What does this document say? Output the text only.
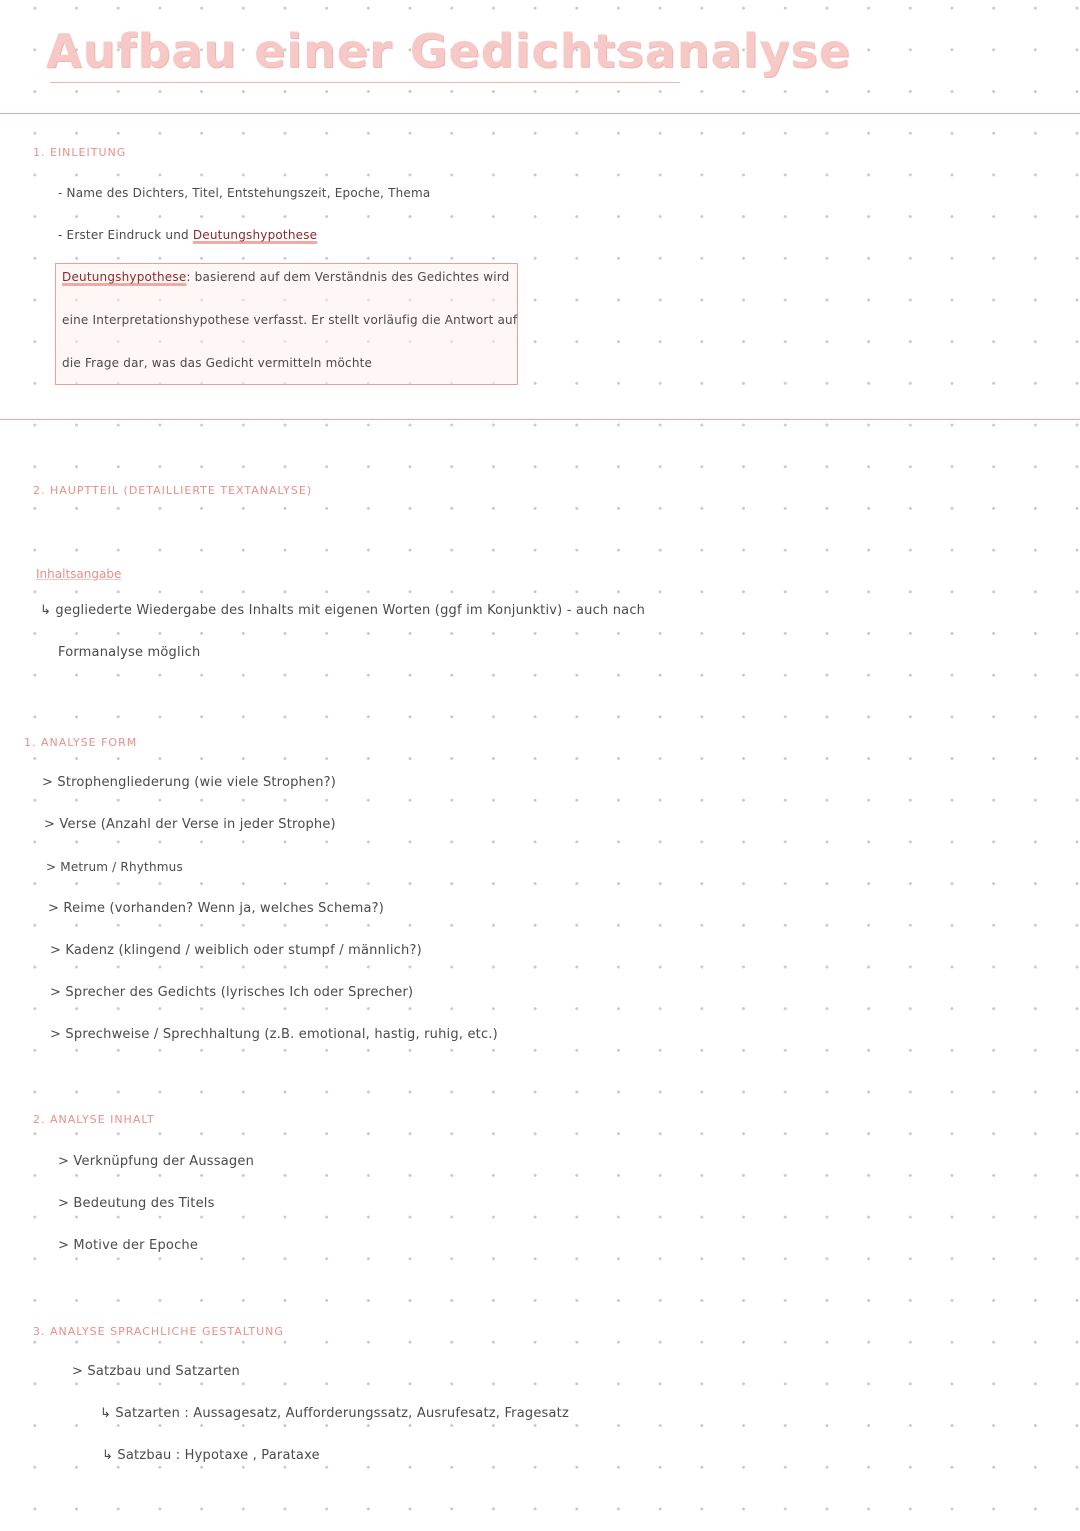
Aufbau einer Gedichtsanalyse
1. EINLEITUNG
- Name des Dichters, Titel, Entstehungszeit, Epoche, Thema
- Erster Eindruck und Deutungshypothese
Deutungshypothese: basierend auf dem Verständnis des Gedichtes wird
eine Interpretationshypothese verfasst. Er stellt vorläufig die Antwort auf
die Frage dar, was das Gedicht vermitteln möchte
2. HAUPTTEIL (DETAILLIERTE TEXTANALYSE)
Inhaltsangabe
↳ gegliederte Wiedergabe des Inhalts mit eigenen Worten (ggf im Konjunktiv) - auch nach
Formanalyse möglich
1. ANALYSE FORM
> Strophengliederung (wie viele Strophen?)
> Verse (Anzahl der Verse in jeder Strophe)
> Metrum / Rhythmus
> Reime (vorhanden? Wenn ja, welches Schema?)
> Kadenz (klingend / weiblich oder stumpf / männlich?)
> Sprecher des Gedichts (lyrisches Ich oder Sprecher)
> Sprechweise / Sprechhaltung (z.B. emotional, hastig, ruhig, etc.)
2. ANALYSE INHALT
> Verknüpfung der Aussagen
> Bedeutung des Titels
> Motive der Epoche
3. ANALYSE SPRACHLICHE GESTALTUNG
> Satzbau und Satzarten
↳ Satzarten : Aussagesatz, Aufforderungssatz, Ausrufesatz, Fragesatz
↳ Satzbau : Hypotaxe , Parataxe
